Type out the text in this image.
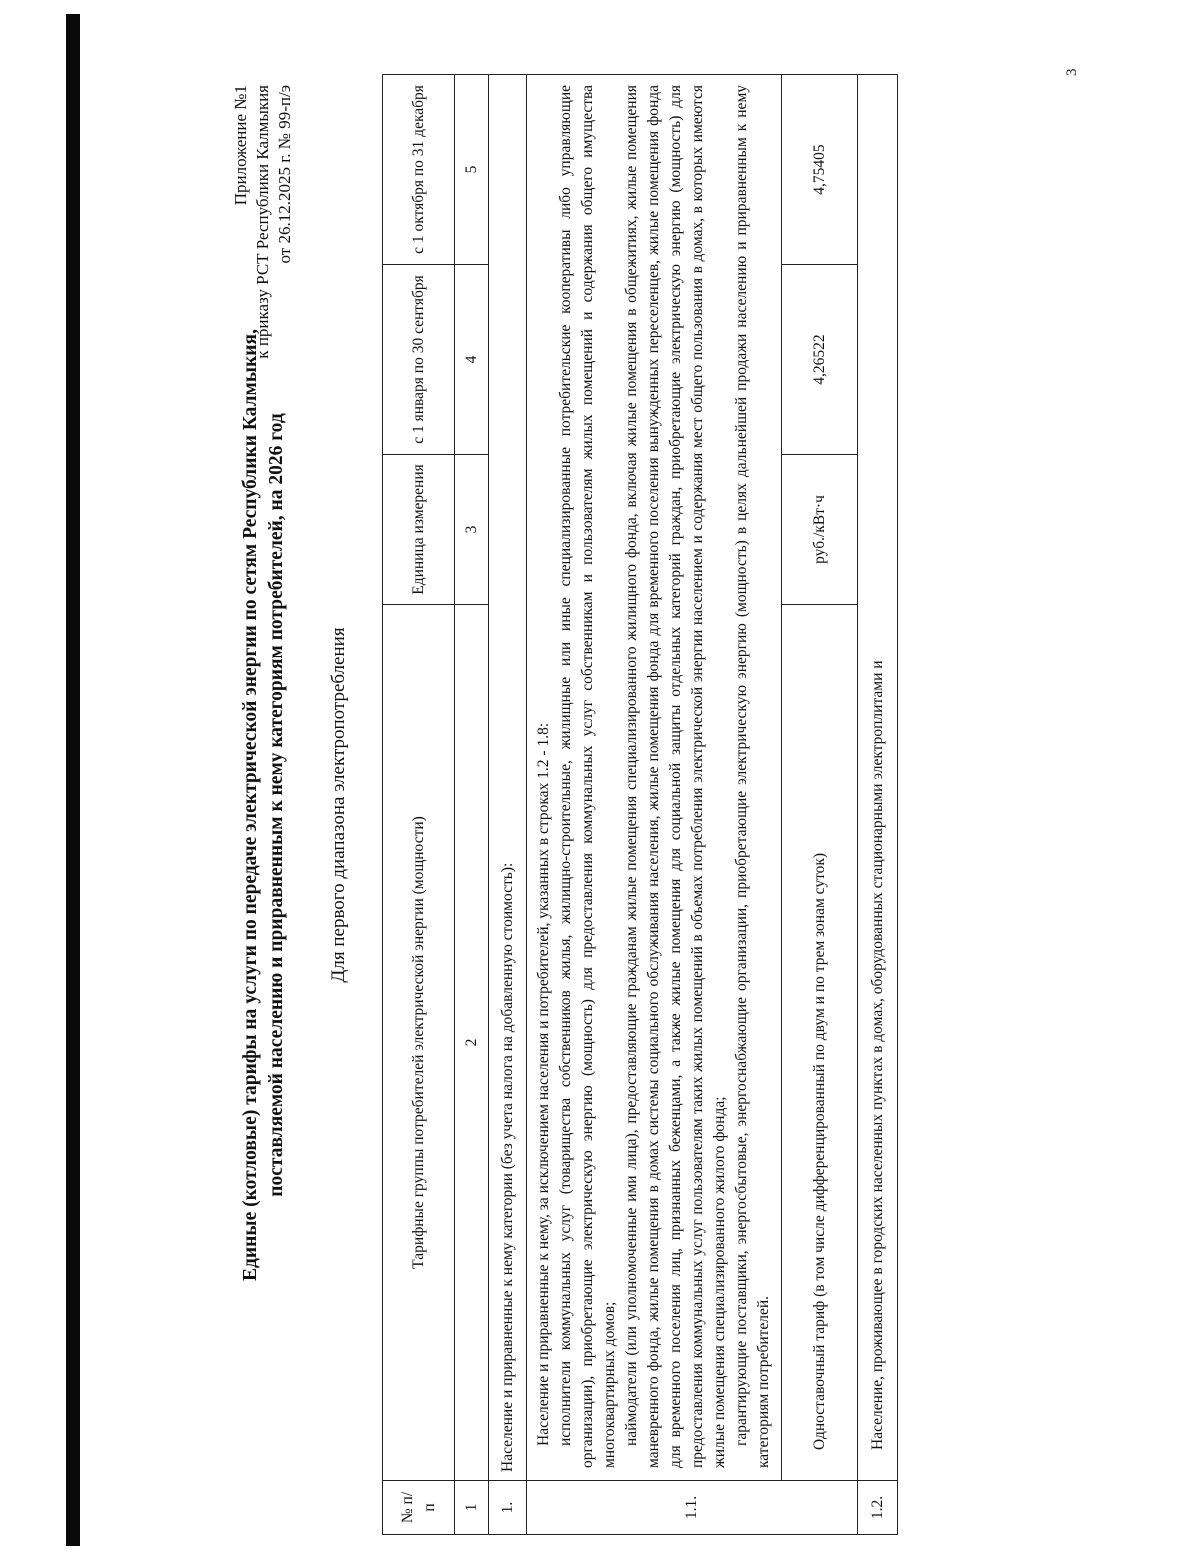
3
Приложение №1 к приказу РСТ Республики Калмыкия от 26.12.2025 г. № 99-п/э
Единые (котловые) тарифы на услуги по передаче электрической энергии по сетям Республики Калмыкия, поставляемой населению и приравненным к нему категориям потребителей, на 2026 год Для первого диапазона электропотребления
№ п/п	Тарифные группы потребителей электрической энергии (мощности)	Единица измерения	с 1 января по 30 сентября	с 1 октября по 31 декабря
1	2	3	4	5
1.	Население и приравненные к нему категории (без учета налога на добавленную стоимость):			
1.1.	Население и приравненные к нему, за исключением населения и потребителей, указанных в строках 1.2 - 1.8: исполнители коммунальных услуг (товарищества собственников жилья, жилищно-строительные, жилищные или иные специализированные потребительские кооперативы либо управляющие организации), приобретающие электрическую энергию (мощность) для предоставления коммунальных услуг собственникам и пользователям жилых помещений и содержания общего имущества многоквартирных домов; наймодатели (или уполномоченные ими лица), предоставляющие гражданам жилые помещения специализированного жилищного фонда, включая жилые помещения в общежитиях, жилые помещения маневренного фонда, жилые помещения в домах системы социального обслуживания населения, жилые помещения фонда для временного поселения вынужденных переселенцев, жилые помещения фонда для временного поселения лиц, признанных беженцами, а также жилые помещения для социальной защиты отдельных категорий граждан, приобретающие электрическую энергию (мощность) для предоставления коммунальных услуг пользователям таких жилых помещений в объемах потребления электрической энергии населением и содержания мест общего пользования в домах, в которых имеются жилые помещения специализированного жилого фонда; гарантирующие поставщики, энергосбытовые, энергоснабжающие организации, приобретающие электрическую энергию (мощность) в целях дальнейшей продажи населению и приравненным к нему категориям потребителей.			

	Одноставочный тариф (в том числе дифференцированный по двум и по трем зонам суток)	руб./кВт·ч	4,26522	4,75405
1.2.	Население, проживающее в городских населенных пунктах в домах, оборудованных стационарными электроплитами и			
